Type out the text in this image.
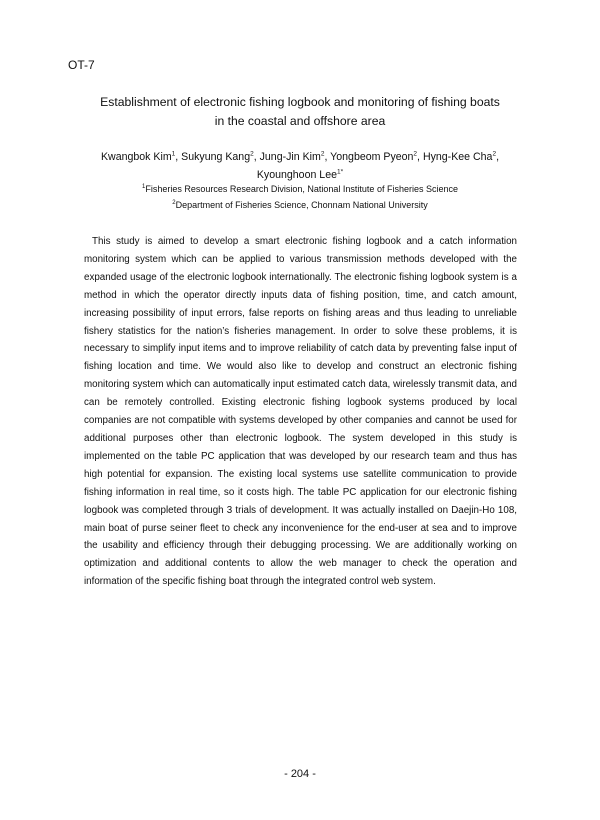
OT-7
Establishment of electronic fishing logbook and monitoring of fishing boats
in the coastal and offshore area
Kwangbok Kim$^1$, Sukyung Kang$^2$, Jung-Jin Kim$^2$, Yongbeom Pyeon$^2$, Hyng-Kee Cha$^2$,
Kyounghoon Lee$^{1*}$
$^1$Fisheries Resources Research Division, National Institute of Fisheries Science
$^2$Department of Fisheries Science, Chonnam National University

This study is aimed to develop a smart electronic fishing logbook and a catch information monitoring system which can be applied to various transmission methods developed with the expanded usage of the electronic logbook internationally. The electronic fishing logbook system is a method in which the operator directly inputs data of fishing position, time, and catch amount, increasing possibility of input errors, false reports on fishing areas and thus leading to unreliable fishery statistics for the nation’s fisheries management. In order to solve these problems, it is necessary to simplify input items and to improve reliability of catch data by preventing false input of fishing location and time. We would also like to develop and construct an electronic fishing monitoring system which can automatically input estimated catch data, wirelessly transmit data, and can be remotely controlled. Existing electronic fishing logbook systems produced by local companies are not compatible with systems developed by other companies and cannot be used for additional purposes other than electronic logbook. The system developed in this study is implemented on the table PC application that was developed by our research team and thus has high potential for expansion. The existing local systems use satellite communication to provide fishing information in real time, so it costs high. The table PC application for our electronic fishing logbook was completed through 3 trials of development. It was actually installed on Daejin-Ho 108, main boat of purse seiner fleet to check any inconvenience for the end-user at sea and to improve the usability and efficiency through their debugging processing. We are additionally working on optimization and additional contents to allow the web manager to check the operation and information of the specific fishing boat through the integrated control web system.

- 204 -
